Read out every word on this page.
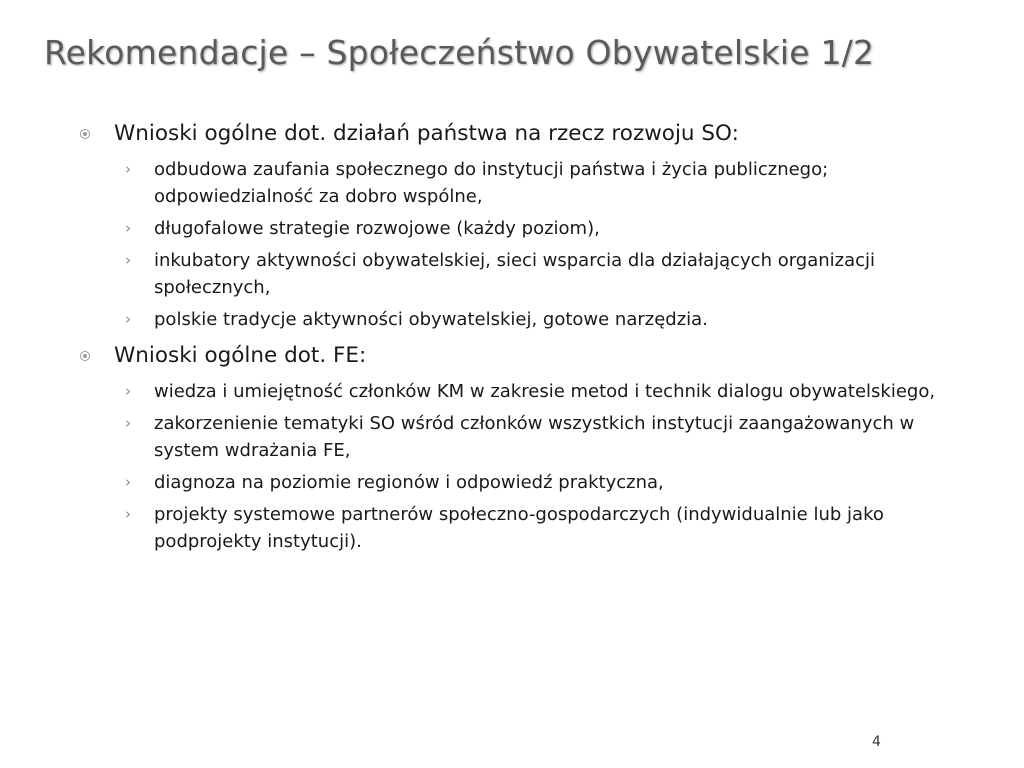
Rekomendacje – Społeczeństwo Obywatelskie 1/2
Wnioski ogólne dot. działań państwa na rzecz rozwoju SO:
› odbudowa zaufania społecznego do instytucji państwa i życia publicznego; odpowiedzialność za dobro wspólne,
› długofalowe strategie rozwojowe (każdy poziom),
› inkubatory aktywności obywatelskiej, sieci wsparcia dla działających organizacji społecznych,
› polskie tradycje aktywności obywatelskiej, gotowe narzędzia.
Wnioski ogólne dot. FE:
› wiedza i umiejętność członków KM w zakresie metod i technik dialogu obywatelskiego,
› zakorzenienie tematyki SO wśród członków wszystkich instytucji zaangażowanych w system wdrażania FE,
› diagnoza na poziomie regionów i odpowiedź praktyczna,
› projekty systemowe partnerów społeczno-gospodarczych (indywidualnie lub jako podprojekty instytucji).
4
